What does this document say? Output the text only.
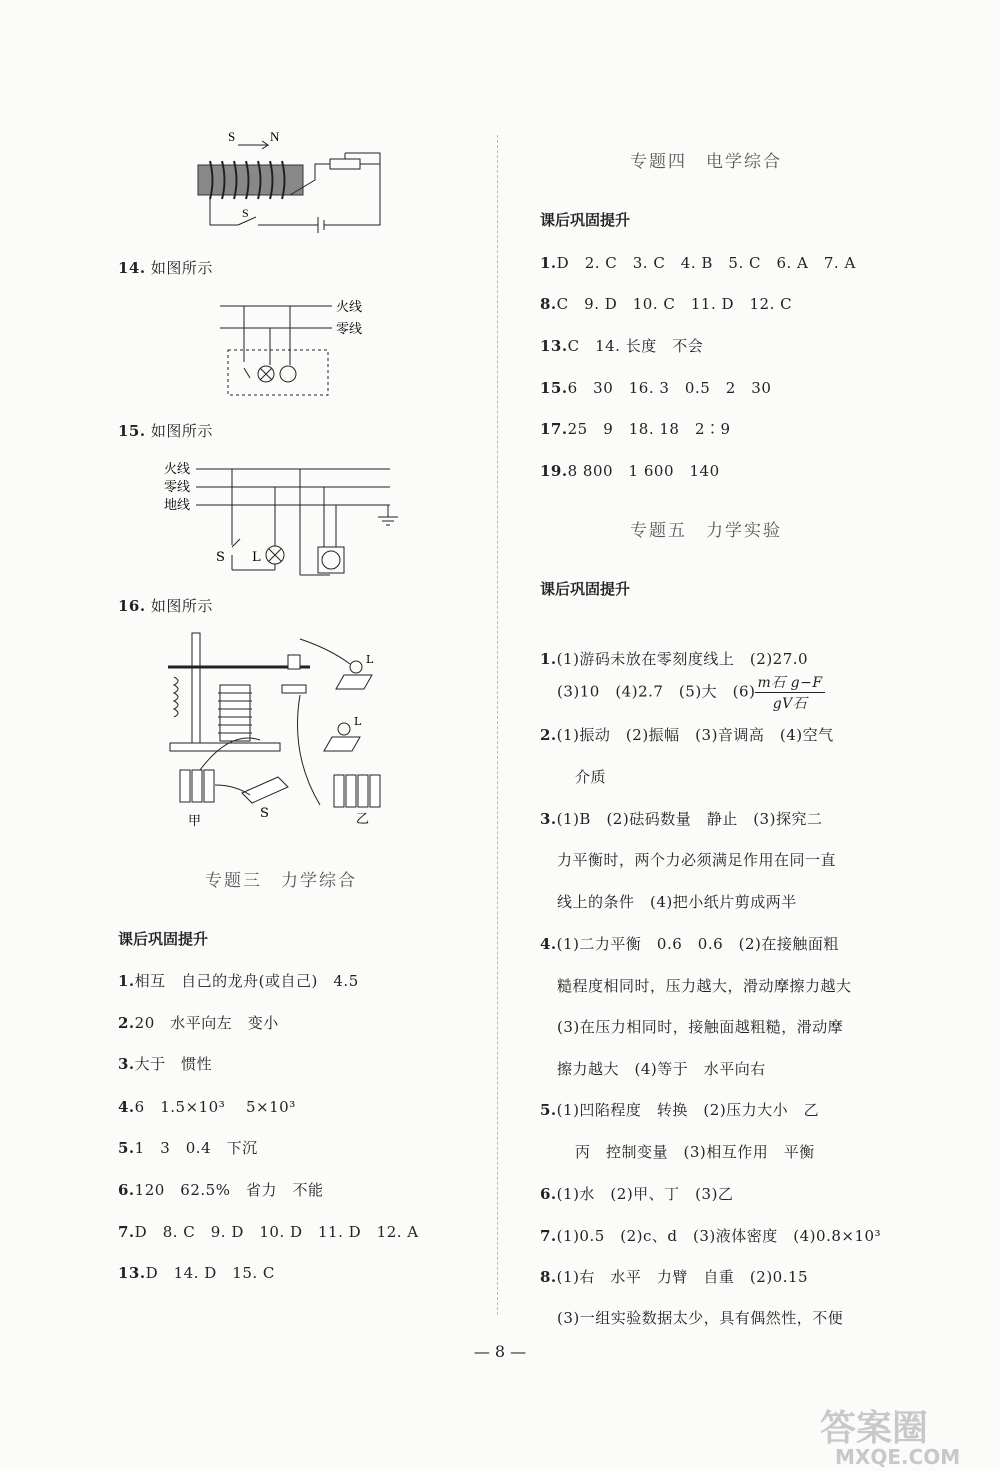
S	N
S
14. 如图所示
火线
零线
15. 如图所示
火线
零线
地线
S L
16. 如图所示
L
L
甲
S	乙
专题三　力学综合
课后巩固提升
1.相互　自己的龙舟(或自己)　4.5
2.20　水平向左　变小
3.大于　惯性
4.6　1.5×10³　 5×10³
5.1　3　0.4　下沉
6.120　62.5%　省力　不能
7.D　8. C　9. D　10. D　11. D　12. A
13.D　14. D　15. C
专题四　电学综合
课后巩固提升
1.D　2. C　3. C　4. B　5. C　6. A　7. A
8.C　9. D　10. C　11. D　12. C
13.C　14. 长度　不会
15.6　30　16. 3　0.5　2　30
17.25　9　18. 18　2∶9
19.8 800　1 600　140
专题五　力学实验
课后巩固提升
1.(1)游码未放在零刻度线上　(2)27.0
(3)10　(4)2.7　(5)大　$(6) \frac{\text{m石 g−F}}{\text{gV石}}$
2.(1)振动　(2)振幅　(3)音调高　(4)空气
介质
3.(1)B　(2)砝码数量　静止　(3)探究二
力平衡时，两个力必须满足作用在同一直
线上的条件　(4)把小纸片剪成两半
4.(1)二力平衡　0.6　0.6　(2)在接触面粗
糙程度相同时，压力越大，滑动摩擦力越大
(3)在压力相同时，接触面越粗糙，滑动摩
擦力越大　(4)等于　水平向右
5.(1)凹陷程度　转换　(2)压力大小　乙
丙　控制变量　(3)相互作用　平衡
6.(1)水　(2)甲、丁　(3)乙
7.(1)0.5　(2)c、d　(3)液体密度　(4)0.8×10³
8.(1)右　水平　力臂　自重　(2)0.15
(3)一组实验数据太少，具有偶然性，不便
— 8 —
答案圈
MXQE.COM
